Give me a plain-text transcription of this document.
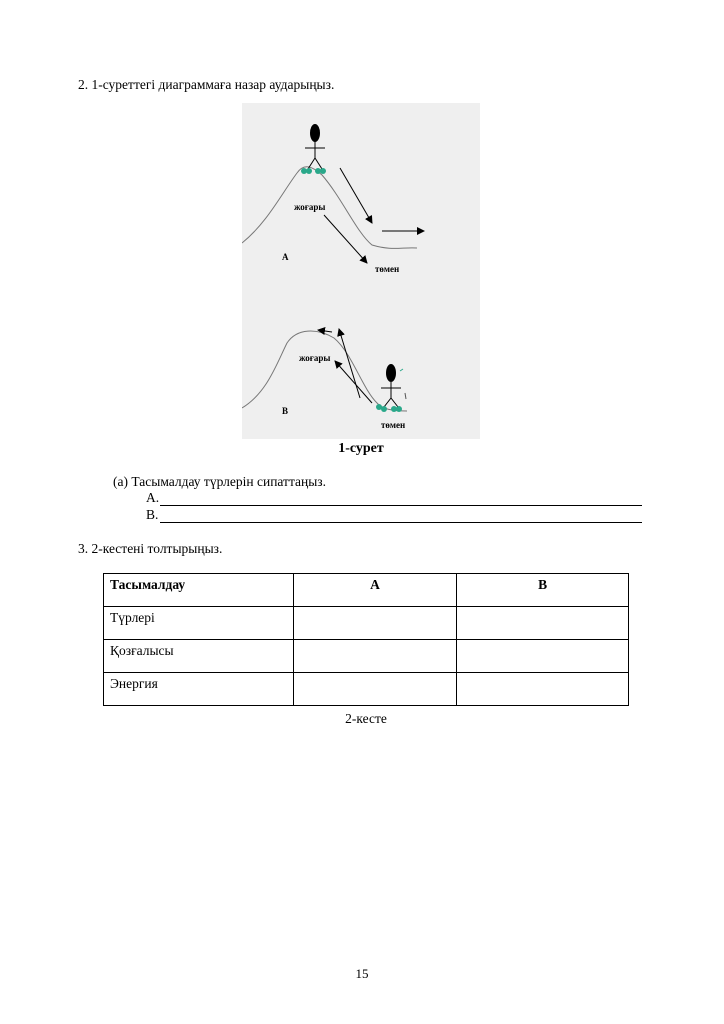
2. 1-суреттегі диаграммаға назар аударыңыз.
жоғары
A
төмен
жоғары
B
төмен
1-сурет
(а) Тасымалдау түрлерін сипаттаңыз.
A.
B.
3. 2-кестені толтырыңыз.
Тасымалдау	A	B
Түрлері		
Қозғалысы		
Энергия		
2-кесте
15
